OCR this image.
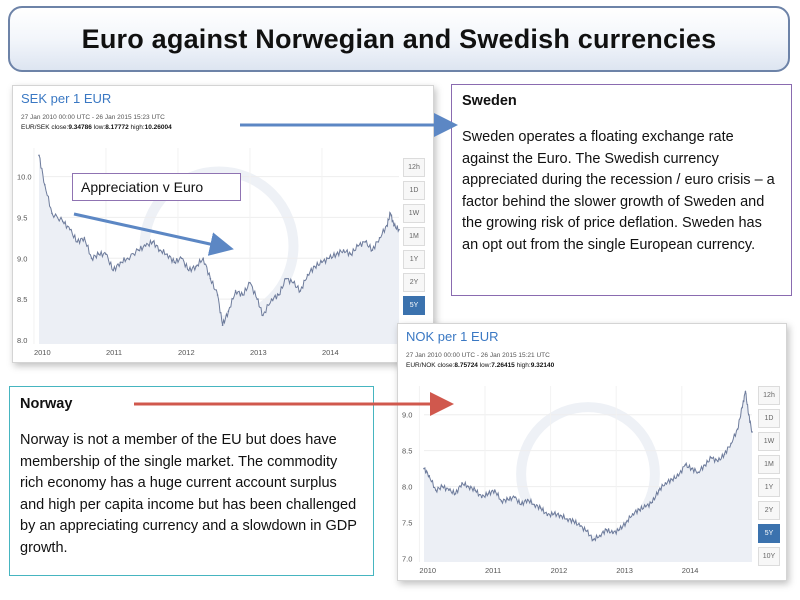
Euro against Norwegian and Swedish currencies
SEK per 1 EUR
27 Jan 2010 00:00 UTC - 26 Jan 2015 15:23 UTC
EUR/SEK close:9.34786 low:8.17772 high:10.26004
8.0
8.5
9.0
9.5
10.0
2010	2011	2012	2013	2014
12h
1D
1W
1M
1Y
2Y
5Y
Appreciation v Euro
NOK per 1 EUR
27 Jan 2010 00:00 UTC - 26 Jan 2015 15:21 UTC
EUR/NOK close:8.75724 low:7.26415 high:9.32140
7.0
7.5
8.0
8.5
9.0
2010	2011	2012	2013	2014
12h
1D
1W
1M
1Y
2Y
5Y
10Y
Sweden

Sweden operates a floating exchange rate against the Euro. The Swedish currency appreciated during the recession / euro crisis – a factor behind the slower growth of Sweden and the growing risk of price deflation. Sweden has an opt out from the single European currency.

Norway

Norway is not a member of the EU but does have membership of the single market. The commodity rich economy has a huge current account surplus and high per capita income but has been challenged by an appreciating currency and a slowdown in GDP growth.
